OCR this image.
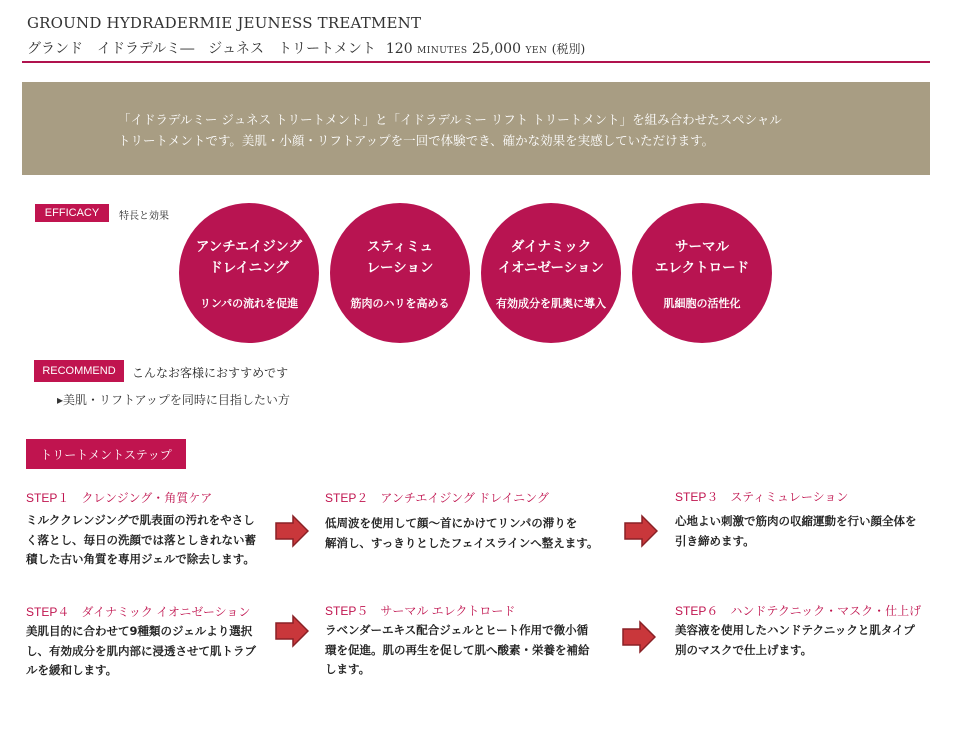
GROUND HYDRADERMIE JEUNESS TREATMENT
グランド　イドラデルミ―　ジュネス　トリートメント 120 MINUTES 25,000 YEN (税別)
「イドラデルミー ジュネス トリートメント」と「イドラデルミー リフト トリートメント」を組み合わせたスペシャル
トリートメントです。美肌・小顔・リフトアップを一回で体験でき、確かな効果を実感していただけます。
EFFICACY	特長と効果
アンチエイジング
ドレイニング
リンパの流れを促進
スティミュ
レーション
筋肉のハリを高める
ダイナミック
イオニゼーション
有効成分を肌奥に導入
サーマル
エレクトロード
肌細胞の活性化
RECOMMEND	こんなお客様におすすめです
▸美肌・リフトアップを同時に目指したい方
トリートメントステップ
STEP１　クレンジング・角質ケア
ミルククレンジングで肌表面の汚れをやさし
く落とし、毎日の洗顔では落としきれない蓄
積した古い角質を専用ジェルで除去します。
STEP２　アンチエイジング ドレイニング
低周波を使用して顔～首にかけてリンパの滞りを
解消し、すっきりとしたフェイスラインへ整えます。
STEP３　スティミュレーション
心地よい刺激で筋肉の収縮運動を行い顔全体を
引き締めます。
STEP４　ダイナミック イオニゼーション
美肌目的に合わせて9種類のジェルより選択
し、有効成分を肌内部に浸透させて肌トラブ
ルを緩和します。
STEP５　サーマル エレクトロード
ラベンダーエキス配合ジェルとヒート作用で微小循
環を促進。肌の再生を促して肌へ酸素・栄養を補給
します。
STEP６　ハンドテクニック・マスク・仕上げ
美容液を使用したハンドテクニックと肌タイプ
別のマスクで仕上げます。
